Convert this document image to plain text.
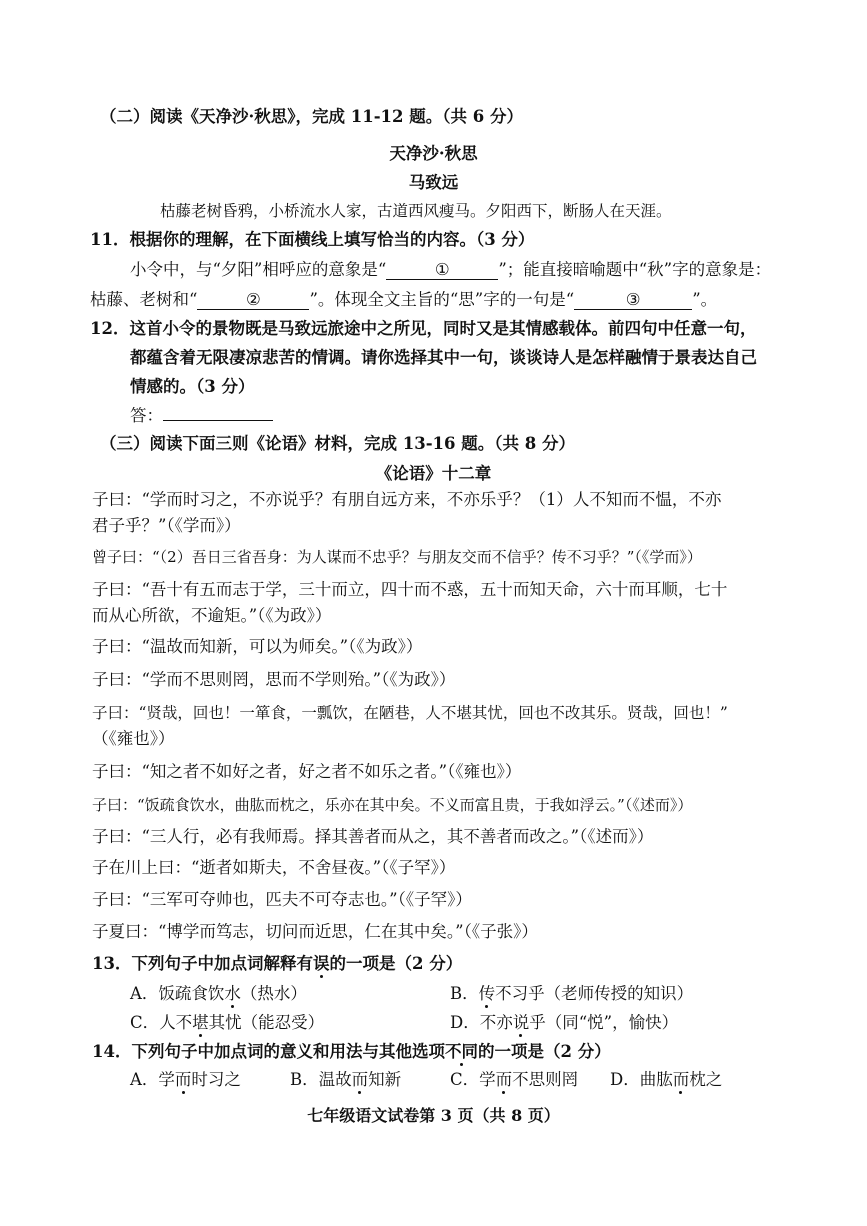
（二）阅读《天净沙·秋思》，完成 11-12 题。（共 6 分）
天净沙·秋思
马致远
枯藤老树昏鸦，小桥流水人家，古道西风瘦马。夕阳西下，断肠人在天涯。
11．根据你的理解，在下面横线上填写恰当的内容。（3 分）
小令中，与“夕阳”相呼应的意象是“	①	”；能直接暗喻题中“秋”字的意象是：
枯藤、老树和“	②	”。体现全文主旨的“思”字的一句是“	③	”。
12．这首小令的景物既是马致远旅途中之所见，同时又是其情感载体。前四句中任意一句，
都蕴含着无限凄凉悲苦的情调。请你选择其中一句，谈谈诗人是怎样融情于景表达自己
情感的。（3 分）
答：
（三）阅读下面三则《论语》材料，完成 13-16 题。（共 8 分）
《论语》十二章
子曰：“学而时习之，不亦说乎？有朋自远方来，不亦乐乎？（1）人不知而不愠，不亦
君子乎？”（《学而》）
曾子曰：“（2）吾日三省吾身：为人谋而不忠乎？与朋友交而不信乎？传不习乎？”（《学而》）
子曰：“吾十有五而志于学，三十而立，四十而不惑，五十而知天命，六十而耳顺，七十
而从心所欲，不逾矩。”（《为政》）
子曰：“温故而知新，可以为师矣。”（《为政》）
子曰：“学而不思则罔，思而不学则殆。”（《为政》）
子曰：“贤哉，回也！一箪食，一瓢饮，在陋巷，人不堪其忧，回也不改其乐。贤哉，回也！”
（《雍也》）
子曰：“知之者不如好之者，好之者不如乐之者。”（《雍也》）
子曰：“饭疏食饮水，曲肱而枕之，乐亦在其中矣。不义而富且贵，于我如浮云。”（《述而》）
子曰：“三人行，必有我师焉。择其善者而从之，其不善者而改之。”（《述而》）
子在川上曰：“逝者如斯夫，不舍昼夜。”（《子罕》）
子曰：“三军可夺帅也，匹夫不可夺志也。”（《子罕》）
子夏曰：“博学而笃志，切问而近思，仁在其中矣。”（《子张》）
13．下列句子中加点词解释有误的一项是（2 分）
A．饭疏食饮水（热水）	B．传不习乎（老师传授的知识）
C．人不堪其忧（能忍受）	D．不亦说乎（同“悦”，愉快）
14．下列句子中加点词的意义和用法与其他选项不同的一项是（2 分）
A．学而时习之	B．温故而知新	C．学而不思则罔 D．曲肱而枕之
七年级语文试卷第 3 页（共 8 页）
